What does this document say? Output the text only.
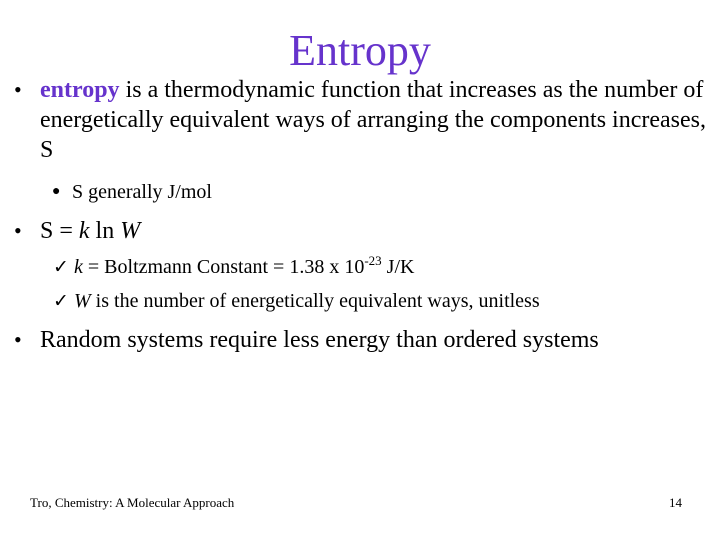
Entropy
• entropy is a thermodynamic function that increases as the number of energetically equivalent ways of arranging the components increases, S
● S generally J/mol
• S = k ln W
✓ k = Boltzmann Constant = 1.38 x $10^{-23}$ J/K
✓ W is the number of energetically equivalent ways, unitless
• Random systems require less energy than ordered systems
Tro, Chemistry: A Molecular Approach	14
